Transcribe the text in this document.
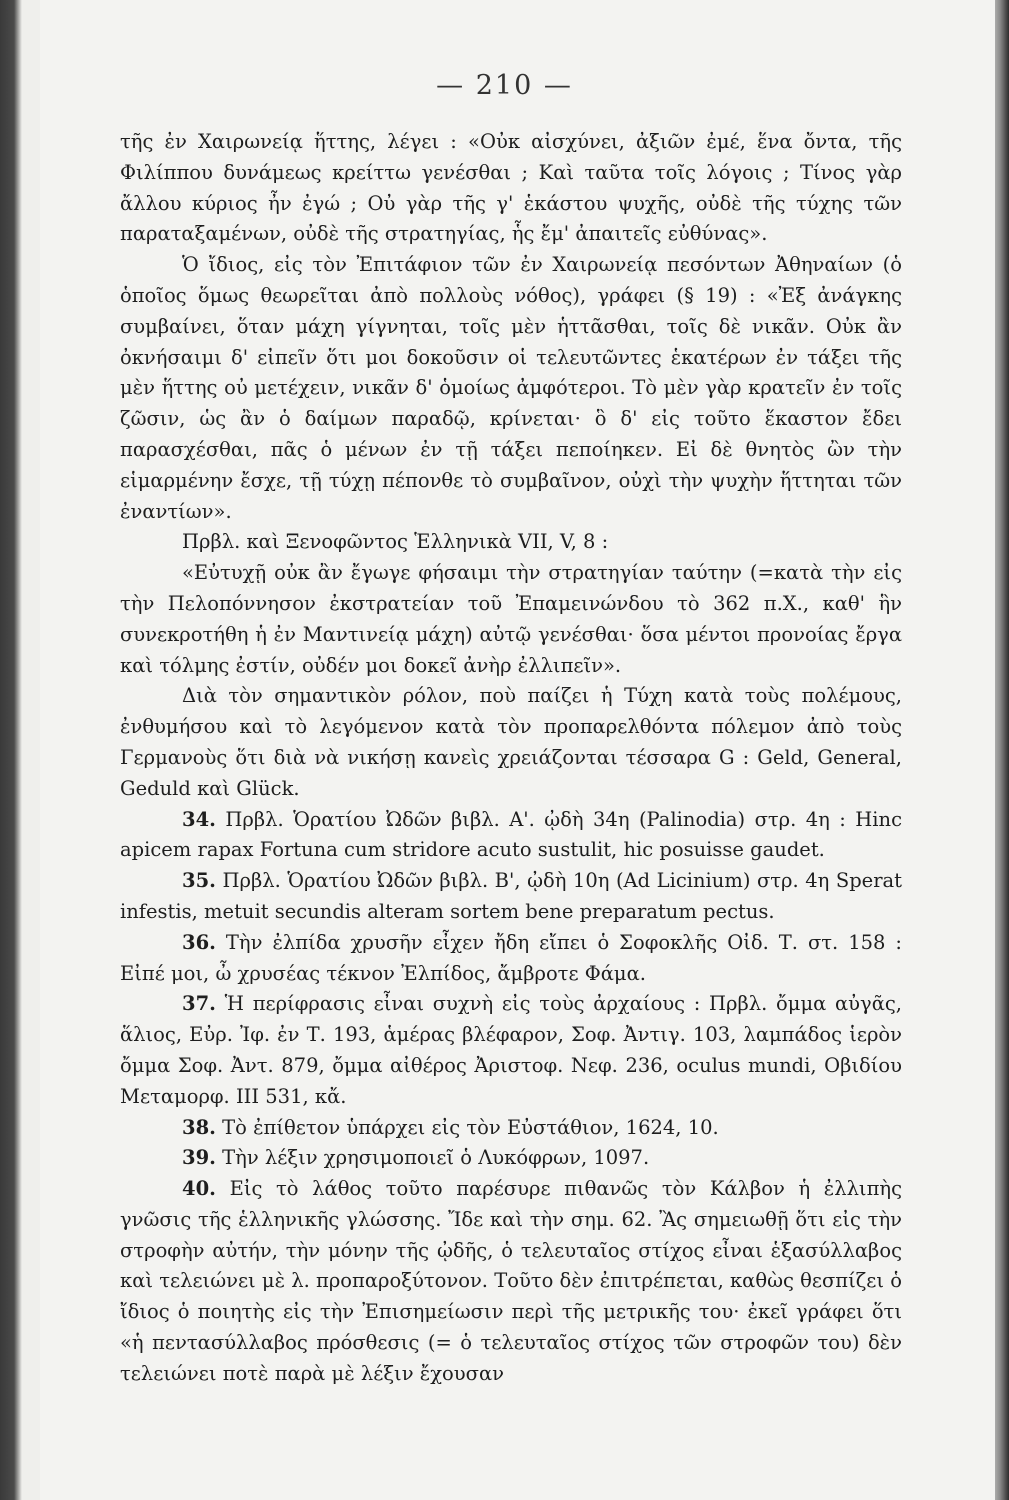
— 210 —

τῆς ἐν Χαιρωνείᾳ ἥττης, λέγει : «Οὐκ αἰσχύνει, ἀξιῶν ἐμέ, ἕνα ὄντα, τῆς Φιλίππου δυνάμεως κρείττω γενέσθαι ; Καὶ ταῦτα τοῖς λόγοις ; Τίνος γὰρ ἄλλου κύριος ἦν ἐγώ ; Οὐ γὰρ τῆς γ' ἑκάστου ψυχῆς, οὐδὲ τῆς τύχης τῶν παραταξαμένων, οὐδὲ τῆς στρατηγίας, ἧς ἔμ' ἀπαιτεῖς εὐθύνας».

Ὁ ἴδιος, εἰς τὸν Ἐπιτάφιον τῶν ἐν Χαιρωνείᾳ πεσόντων Ἀθηναίων (ὁ ὁποῖος ὅμως θεωρεῖται ἀπὸ πολλοὺς νόθος), γράφει (§ 19) : «Ἐξ ἀνάγκης συμβαίνει, ὅταν μάχη γίγνηται, τοῖς μὲν ἡττᾶσθαι, τοῖς δὲ νικᾶν. Οὐκ ἂν ὀκνήσαιμι δ' εἰπεῖν ὅτι μοι δοκοῦσιν οἱ τελευτῶντες ἑκατέρων ἐν τάξει τῆς μὲν ἥττης οὐ μετέχειν, νικᾶν δ' ὁμοίως ἀμφότεροι. Τὸ μὲν γὰρ κρατεῖν ἐν τοῖς ζῶσιν, ὡς ἂν ὁ δαίμων παραδῷ, κρίνεται· ὃ δ' εἰς τοῦτο ἕκαστον ἔδει παρασχέσθαι, πᾶς ὁ μένων ἐν τῇ τάξει πεποίηκεν. Εἰ δὲ θνητὸς ὢν τὴν εἱμαρμένην ἔσχε, τῇ τύχῃ πέπονθε τὸ συμβαῖνον, οὐχὶ τὴν ψυχὴν ἥττηται τῶν ἐναντίων».

Πρβλ. καὶ Ξενοφῶντος Ἑλληνικὰ VII, V, 8 :

«Εὐτυχῇ οὐκ ἂν ἔγωγε φήσαιμι τὴν στρατηγίαν ταύτην (=κατὰ τὴν εἰς τὴν Πελοπόννησον ἐκστρατείαν τοῦ Ἐπαμεινώνδου τὸ 362 π.Χ., καθ' ἣν συνεκροτήθη ἡ ἐν Μαντινείᾳ μάχη) αὐτῷ γενέσθαι· ὅσα μέντοι προνοίας ἔργα καὶ τόλμης ἐστίν, οὐδέν μοι δοκεῖ ἀνὴρ ἐλλιπεῖν».

Διὰ τὸν σημαντικὸν ρόλον, ποὺ παίζει ἡ Τύχη κατὰ τοὺς πολέμους, ἐνθυμήσου καὶ τὸ λεγόμενον κατὰ τὸν προπαρελθόντα πόλεμον ἀπὸ τοὺς Γερμανοὺς ὅτι διὰ νὰ νικήσῃ κανεὶς χρειάζονται τέσσαρα G : Geld, General, Geduld καὶ Glück.

34. Πρβλ. Ὁρατίου Ὠδῶν βιβλ. Α'. ᾠδὴ 34η (Palinodia) στρ. 4η : Hinc apicem rapax Fortuna cum stridore acuto sustulit, hic posuisse gaudet.

35. Πρβλ. Ὁρατίου Ὠδῶν βιβλ. Β', ᾠδὴ 10η (Ad Licinium) στρ. 4η Sperat infestis, metuit secundis alteram sortem bene preparatum pectus.

36. Τὴν ἐλπίδα χρυσῆν εἶχεν ἤδη εἴπει ὁ Σοφοκλῆς Οἰδ. Τ. στ. 158 : Εἰπέ μοι, ὦ χρυσέας τέκνον Ἐλπίδος, ἄμβροτε Φάμα.

37. Ἡ περίφρασις εἶναι συχνὴ εἰς τοὺς ἀρχαίους : Πρβλ. ὄμμα αὐγᾶς, ἅλιος, Εὐρ. Ἰφ. ἐν Τ. 193, ἁμέρας βλέφαρον, Σοφ. Ἀντιγ. 103, λαμπάδος ἱερὸν ὄμμα Σοφ. Ἀντ. 879, ὄμμα αἰθέρος Ἀριστοφ. Νεφ. 236, oculus mundi, Οβιδίου Μεταμορφ. ΙΙΙ 531, κἄ.

38. Τὸ ἐπίθετον ὑπάρχει εἰς τὸν Εὐστάθιον, 1624, 10.

39. Τὴν λέξιν χρησιμοποιεῖ ὁ Λυκόφρων, 1097.

40. Εἰς τὸ λάθος τοῦτο παρέσυρε πιθανῶς τὸν Κάλβον ἡ ἐλλιπὴς γνῶσις τῆς ἑλληνικῆς γλώσσης. Ἴδε καὶ τὴν σημ. 62. Ἂς σημειωθῇ ὅτι εἰς τὴν στροφὴν αὐτήν, τὴν μόνην τῆς ᾠδῆς, ὁ τελευταῖος στίχος εἶναι ἑξασύλλαβος καὶ τελειώνει μὲ λ. προπαροξύτονον. Τοῦτο δὲν ἐπιτρέπεται, καθὼς θεσπίζει ὁ ἴδιος ὁ ποιητὴς εἰς τὴν Ἐπισημείωσιν περὶ τῆς μετρικῆς του· ἐκεῖ γράφει ὅτι «ἡ πεντασύλλαβος πρόσθεσις (= ὁ τελευταῖος στίχος τῶν στροφῶν του) δὲν τελειώνει ποτὲ παρὰ μὲ λέξιν ἔχουσαν
